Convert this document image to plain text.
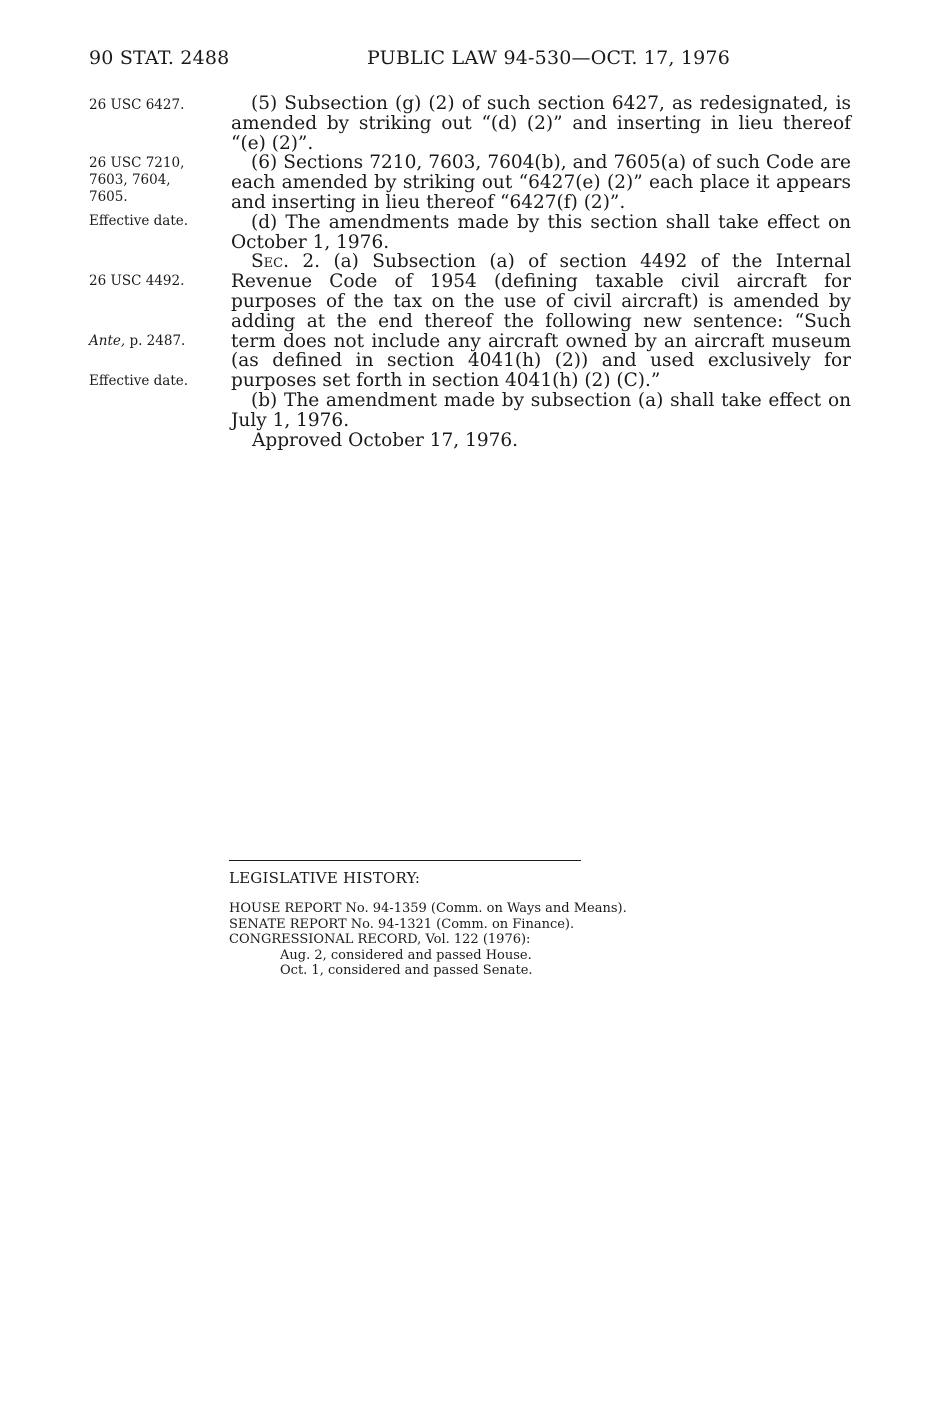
90 STAT. 2488	PUBLIC LAW 94-530—OCT. 17, 1976
26 USC 6427.
26 USC 7210,
7603, 7604,
7605.
Effective date.
26 USC 4492.
Ante, p. 2487.
Effective date.

(5) Subsection (g) (2) of such section 6427, as redesignated, is amended by striking out “(d) (2)” and inserting in lieu thereof “(e) (2)”.

(6) Sections 7210, 7603, 7604(b), and 7605(a) of such Code are each amended by striking out “6427(e) (2)” each place it appears and inserting in lieu thereof “6427(f) (2)”.

(d) The amendments made by this section shall take effect on October 1, 1976.

Sec. 2. (a) Subsection (a) of section 4492 of the Internal Revenue Code of 1954 (defining taxable civil aircraft for purposes of the tax on the use of civil aircraft) is amended by adding at the end thereof the following new sentence: “Such term does not include any aircraft owned by an aircraft museum (as defined in section 4041(h) (2)) and used exclusively for purposes set forth in section 4041(h) (2) (C).”

(b) The amendment made by subsection (a) shall take effect on July 1, 1976.

Approved October 17, 1976.
LEGISLATIVE HISTORY:
HOUSE REPORT No. 94-1359 (Comm. on Ways and Means).
SENATE REPORT No. 94-1321 (Comm. on Finance).
CONGRESSIONAL RECORD, Vol. 122 (1976):
Aug. 2, considered and passed House.
Oct. 1, considered and passed Senate.
